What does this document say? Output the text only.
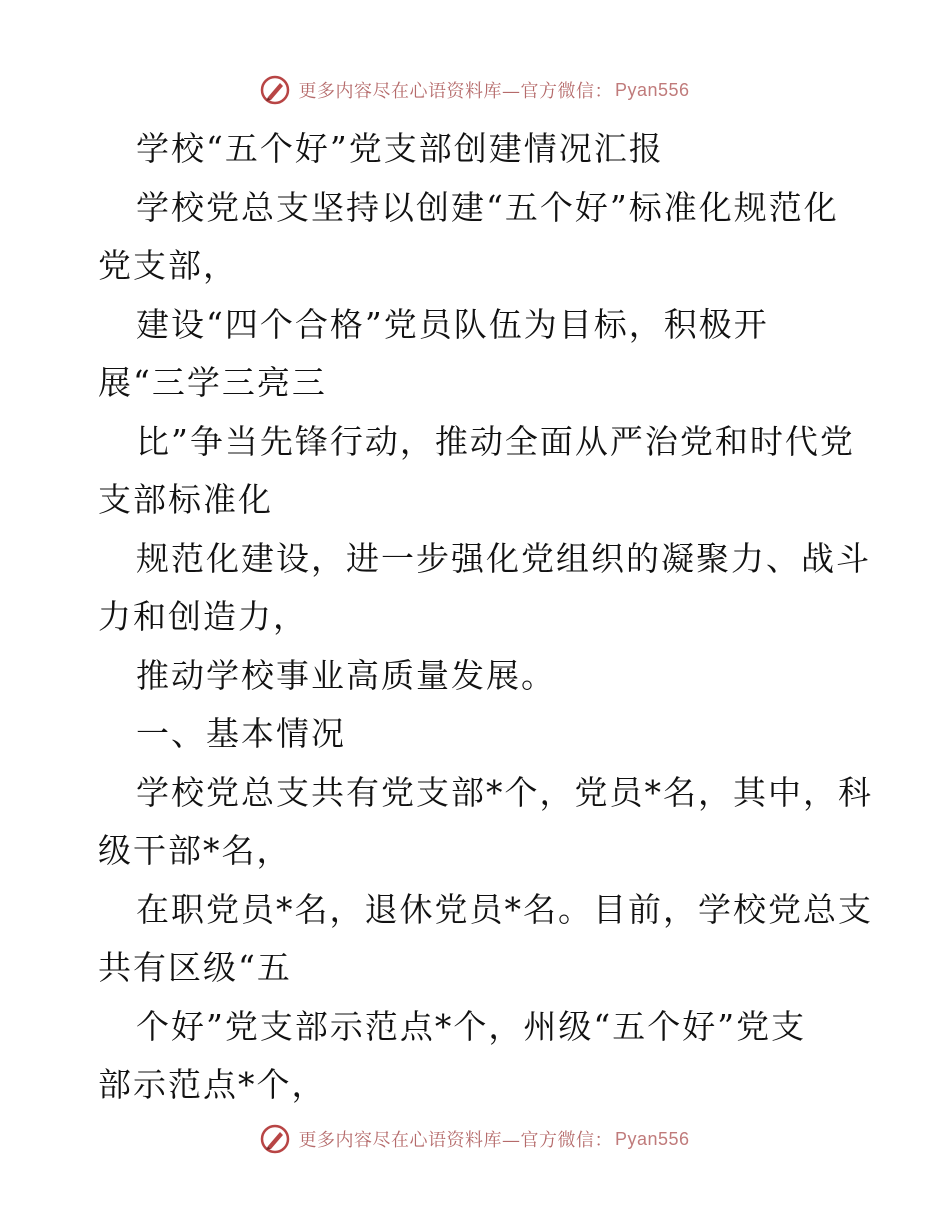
更多内容尽在心语资料库—官方微信： Pyan556
学校“五个好”党支部创建情况汇报
学校党总支坚持以创建“五个好”标准化规范化
党支部，
建设“四个合格”党员队伍为目标，积极开
展“三学三亮三
比”争当先锋行动，推动全面从严治党和时代党
支部标准化
规范化建设，进一步强化党组织的凝聚力、战斗
力和创造力，
推动学校事业高质量发展。
一、基本情况
学校党总支共有党支部*个，党员*名，其中，科
级干部*名，
在职党员*名，退休党员*名。目前，学校党总支
共有区级“五
个好”党支部示范点*个，州级“五个好”党支
部示范点*个，
更多内容尽在心语资料库—官方微信： Pyan556
